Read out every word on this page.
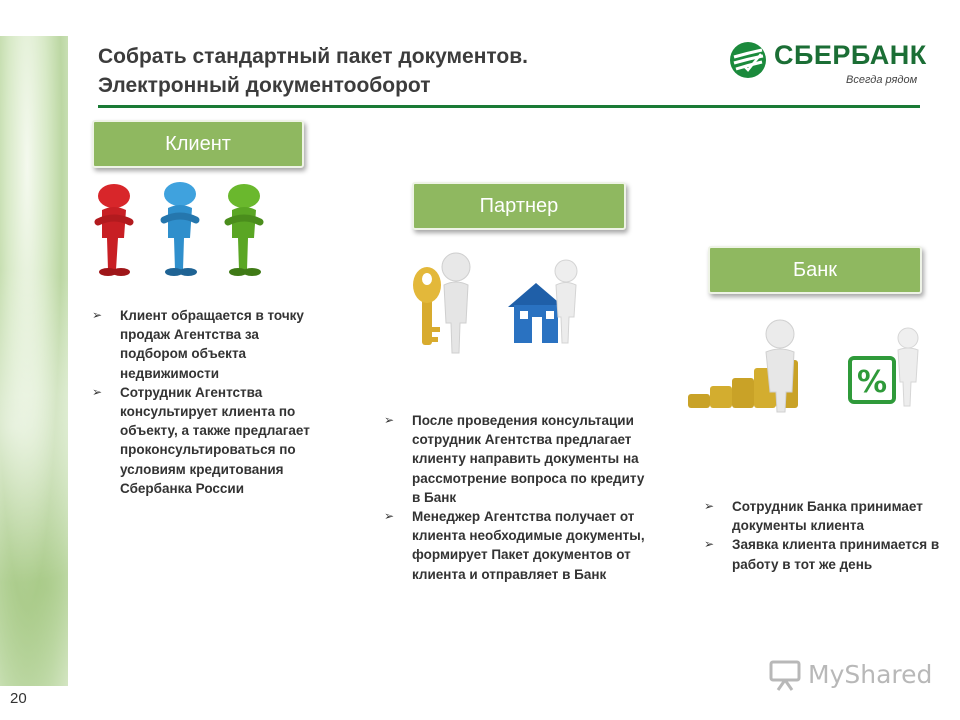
20
Собрать стандартный пакет документов.
Электронный документооборот
СБЕРБАНК
Всегда рядом
Клиент
➢ Клиент обращается в точку продаж Агентства за подбором объекта недвижимости
➢ Сотрудник Агентства консультирует клиента по объекту, а также предлагает проконсультироваться по условиям кредитования Сбербанка России
Партнер
➢ После проведения консультации сотрудник Агентства предлагает клиенту направить документы на рассмотрение вопроса по кредиту в Банк
➢ Менеджер Агентства получает от клиента необходимые документы, формирует Пакет документов от клиента и отправляет в Банк
Банк
%
➢ Сотрудник Банка принимает документы клиента
➢ Заявка клиента принимается в работу в тот же день
MyShared
